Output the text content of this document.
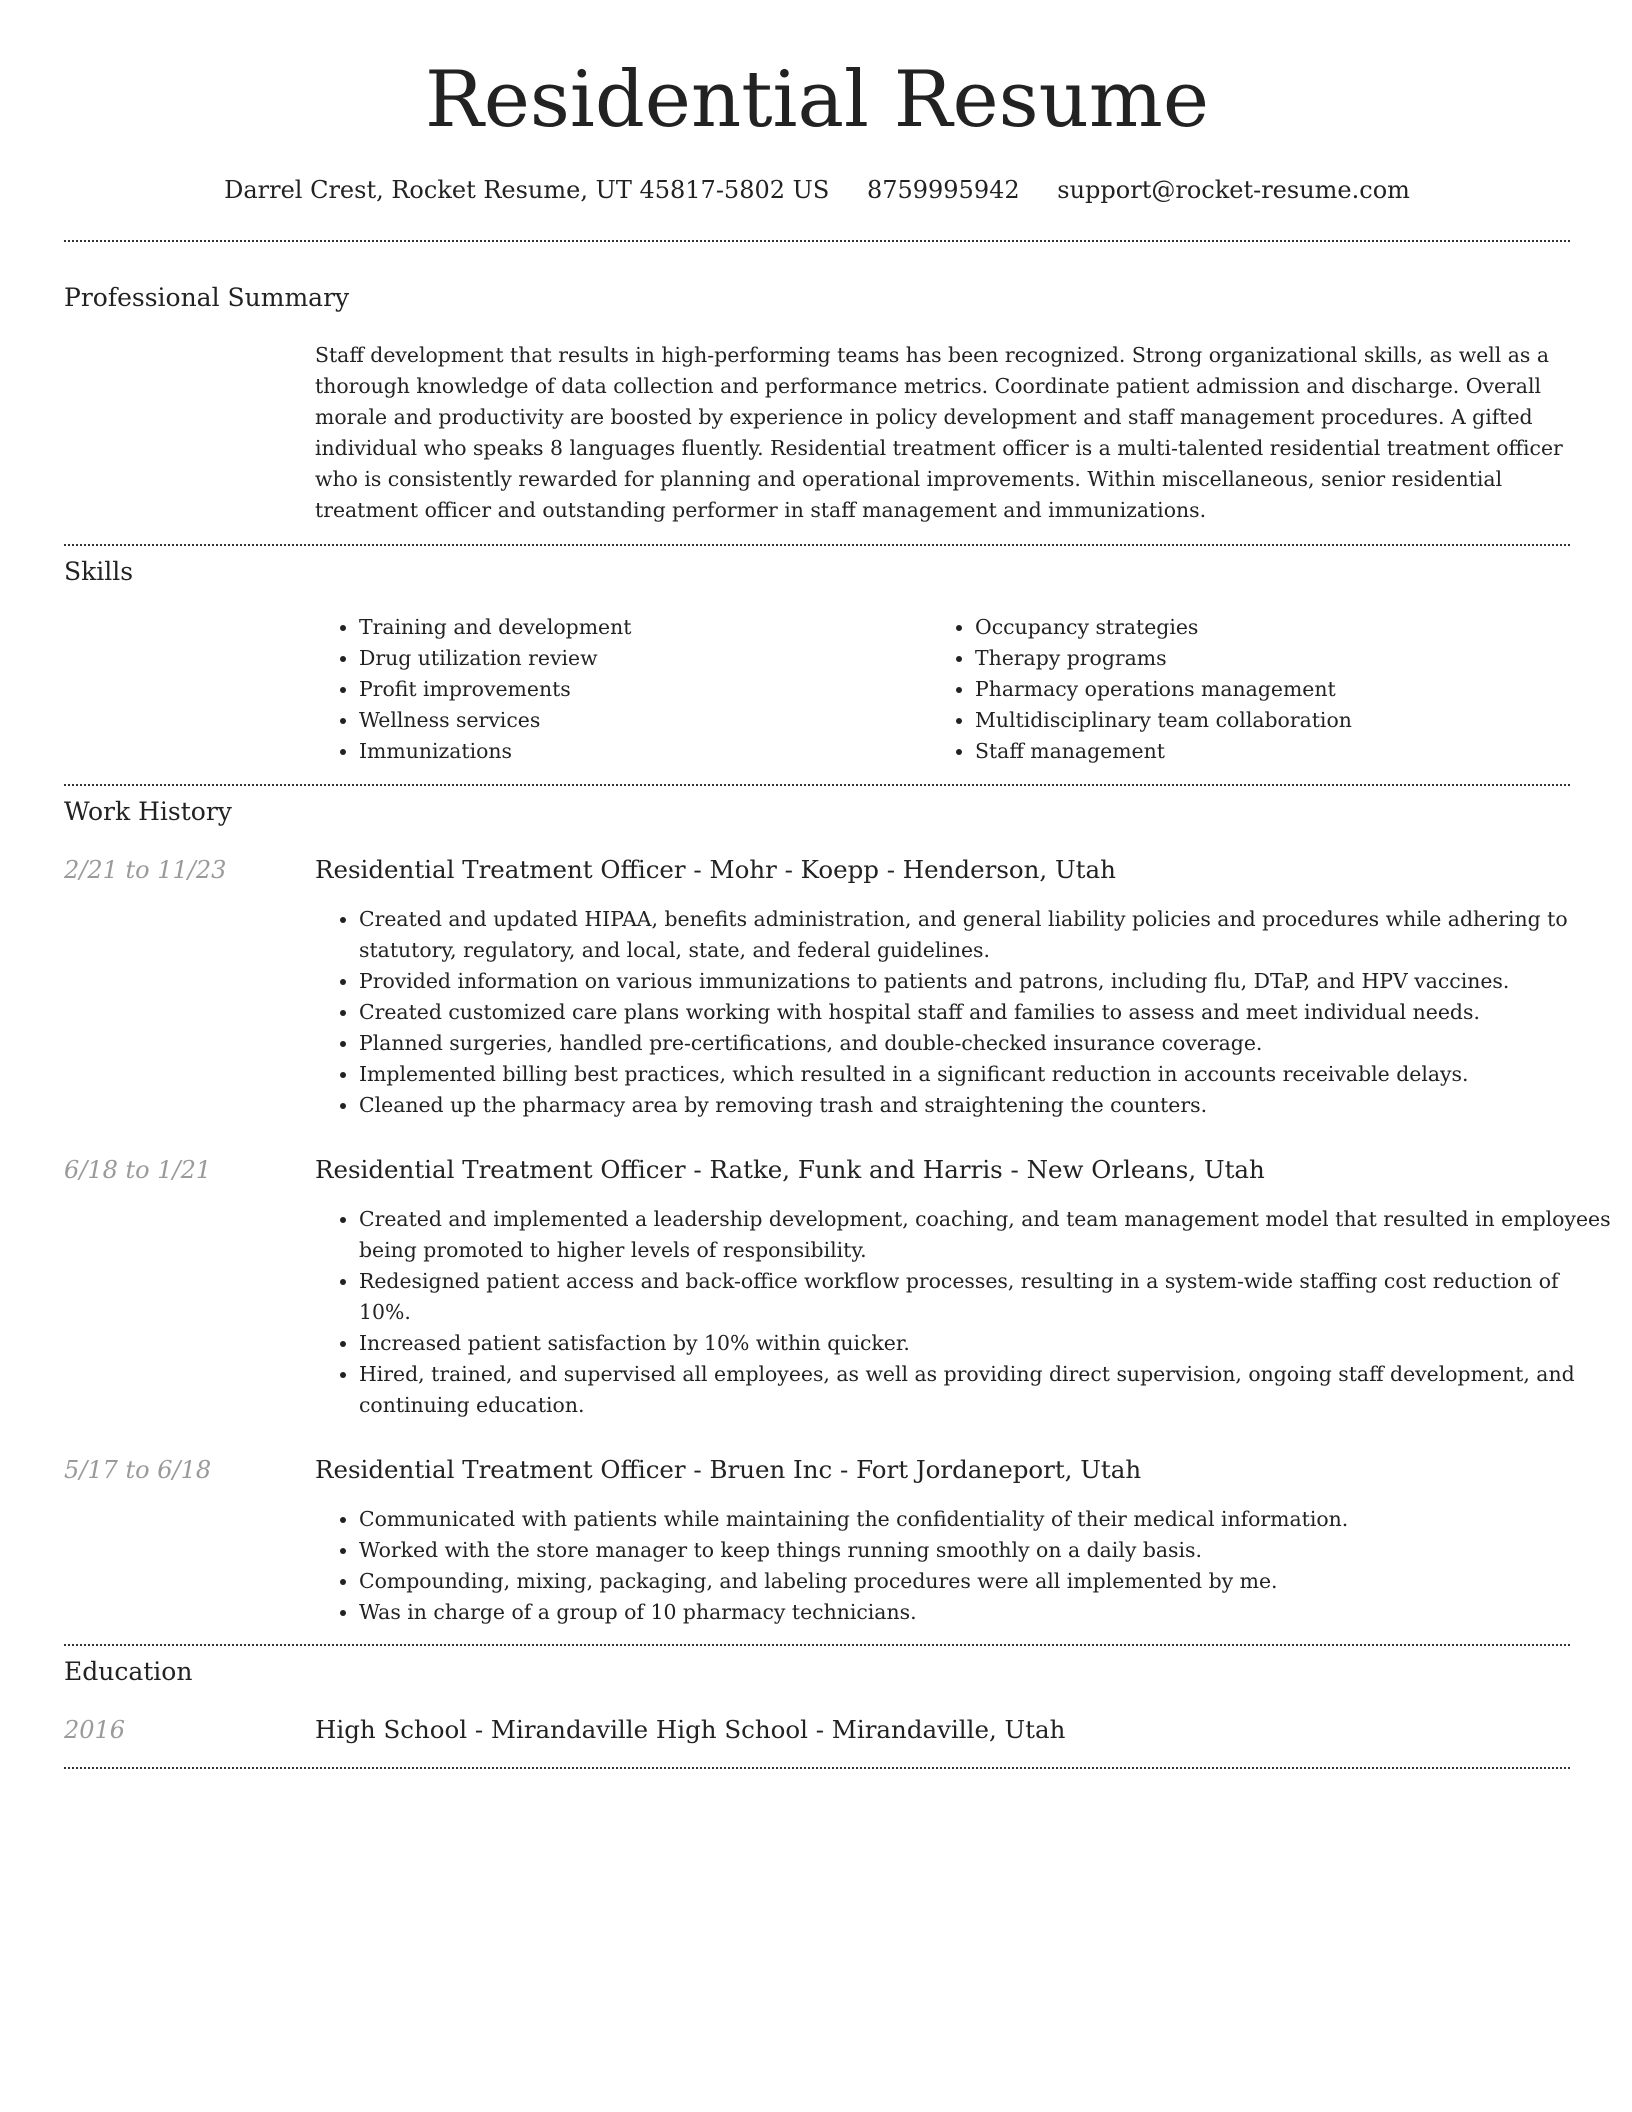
Residential Resume
Darrel Crest, Rocket Resume, UT 45817-5802 US 8759995942 support@rocket-resume.com
Professional Summary
Staff development that results in high-performing teams has been recognized. Strong organizational skills, as well as a thorough knowledge of data collection and performance metrics. Coordinate patient admission and discharge. Overall morale and productivity are boosted by experience in policy development and staff management procedures. A gifted individual who speaks 8 languages fluently. Residential treatment officer is a multi-talented residential treatment officer who is consistently rewarded for planning and operational improvements. Within miscellaneous, senior residential treatment officer and outstanding performer in staff management and immunizations.
Skills
• Training and development
• Drug utilization review
• Profit improvements
• Wellness services
• Immunizations
• Occupancy strategies
• Therapy programs
• Pharmacy operations management
• Multidisciplinary team collaboration
• Staff management
Work History
2/21 to 11/23	Residential Treatment Officer - Mohr - Koepp - Henderson, Utah
• Created and updated HIPAA, benefits administration, and general liability policies and procedures while adhering to statutory, regulatory, and local, state, and federal guidelines.
• Provided information on various immunizations to patients and patrons, including flu, DTaP, and HPV vaccines.
• Created customized care plans working with hospital staff and families to assess and meet individual needs.
• Planned surgeries, handled pre-certifications, and double-checked insurance coverage.
• Implemented billing best practices, which resulted in a significant reduction in accounts receivable delays.
• Cleaned up the pharmacy area by removing trash and straightening the counters.
6/18 to 1/21	Residential Treatment Officer - Ratke, Funk and Harris - New Orleans, Utah
• Created and implemented a leadership development, coaching, and team management model that resulted in employees being promoted to higher levels of responsibility.
• Redesigned patient access and back-office workflow processes, resulting in a system-wide staffing cost reduction of 10%.
• Increased patient satisfaction by 10% within quicker.
• Hired, trained, and supervised all employees, as well as providing direct supervision, ongoing staff development, and continuing education.
5/17 to 6/18	Residential Treatment Officer - Bruen Inc - Fort Jordaneport, Utah
• Communicated with patients while maintaining the confidentiality of their medical information.
• Worked with the store manager to keep things running smoothly on a daily basis.
• Compounding, mixing, packaging, and labeling procedures were all implemented by me.
• Was in charge of a group of 10 pharmacy technicians.
Education
2016	High School - Mirandaville High School - Mirandaville, Utah
